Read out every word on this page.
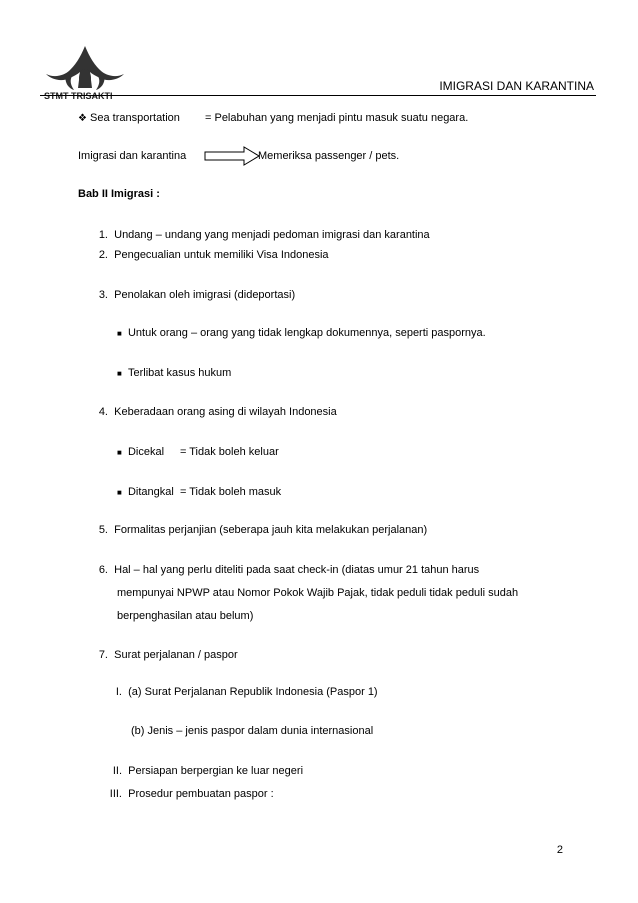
STMT TRISAKTI
IMIGRASI DAN KARANTINA
❖ Sea transportation = Pelabuhan yang menjadi pintu masuk suatu negara.
Imigrasi dan karantina	Memeriksa passenger / pets.
Bab II Imigrasi :
1. Undang – undang yang menjadi pedoman imigrasi dan karantina
2. Pengecualian untuk memiliki Visa Indonesia
3. Penolakan oleh imigrasi (dideportasi)
■ Untuk orang – orang yang tidak lengkap dokumennya, seperti paspornya.
■ Terlibat kasus hukum
4. Keberadaan orang asing di wilayah Indonesia
■ Dicekal = Tidak boleh keluar
■ Ditangkal = Tidak boleh masuk
5. Formalitas perjanjian (seberapa jauh kita melakukan perjalanan)
6. Hal – hal yang perlu diteliti pada saat check-in (diatas umur 21 tahun harus
mempunyai NPWP atau Nomor Pokok Wajib Pajak, tidak peduli tidak peduli sudah
berpenghasilan atau belum)
7. Surat perjalanan / paspor
I. (a) Surat Perjalanan Republik Indonesia (Paspor 1)
(b) Jenis – jenis paspor dalam dunia internasional
II. Persiapan berpergian ke luar negeri
III. Prosedur pembuatan paspor :
2
